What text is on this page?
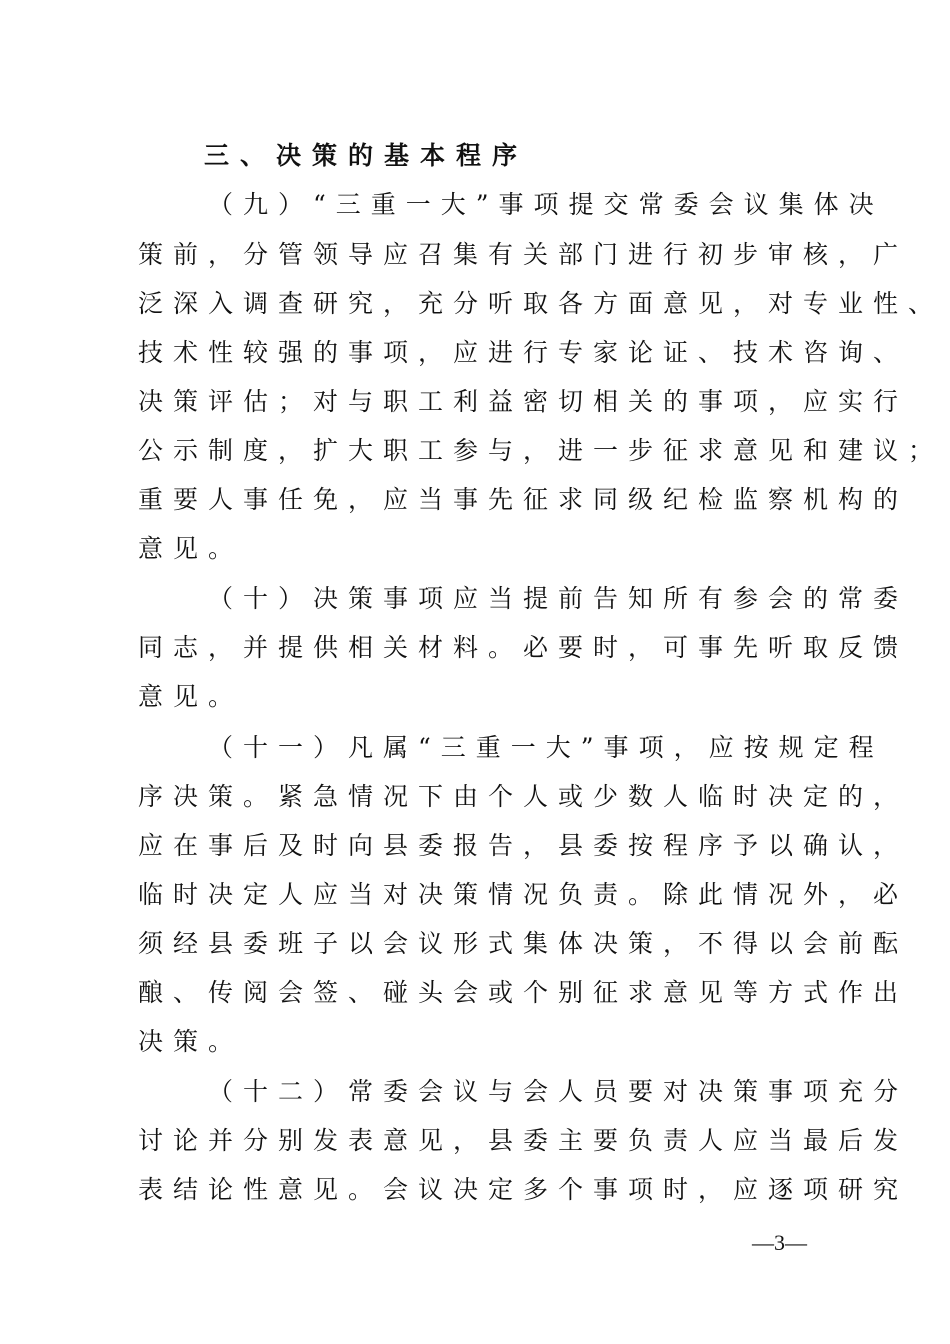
三、决策的基本程序
（九）“三重一大”事项提交常委会议集体决
策前，分管领导应召集有关部门进行初步审核，广
泛深入调查研究，充分听取各方面意见，对专业性、
技术性较强的事项，应进行专家论证、技术咨询、
决策评估；对与职工利益密切相关的事项，应实行
公示制度，扩大职工参与，进一步征求意见和建议；
重要人事任免，应当事先征求同级纪检监察机构的
意见。
（十）决策事项应当提前告知所有参会的常委
同志，并提供相关材料。必要时，可事先听取反馈
意见。
（十一）凡属“三重一大”事项，应按规定程
序决策。紧急情况下由个人或少数人临时决定的，
应在事后及时向县委报告，县委按程序予以确认，
临时决定人应当对决策情况负责。除此情况外，必
须经县委班子以会议形式集体决策，不得以会前酝
酿、传阅会签、碰头会或个别征求意见等方式作出
决策。
（十二）常委会议与会人员要对决策事项充分
讨论并分别发表意见，县委主要负责人应当最后发
表结论性意见。会议决定多个事项时，应逐项研究
—3—
